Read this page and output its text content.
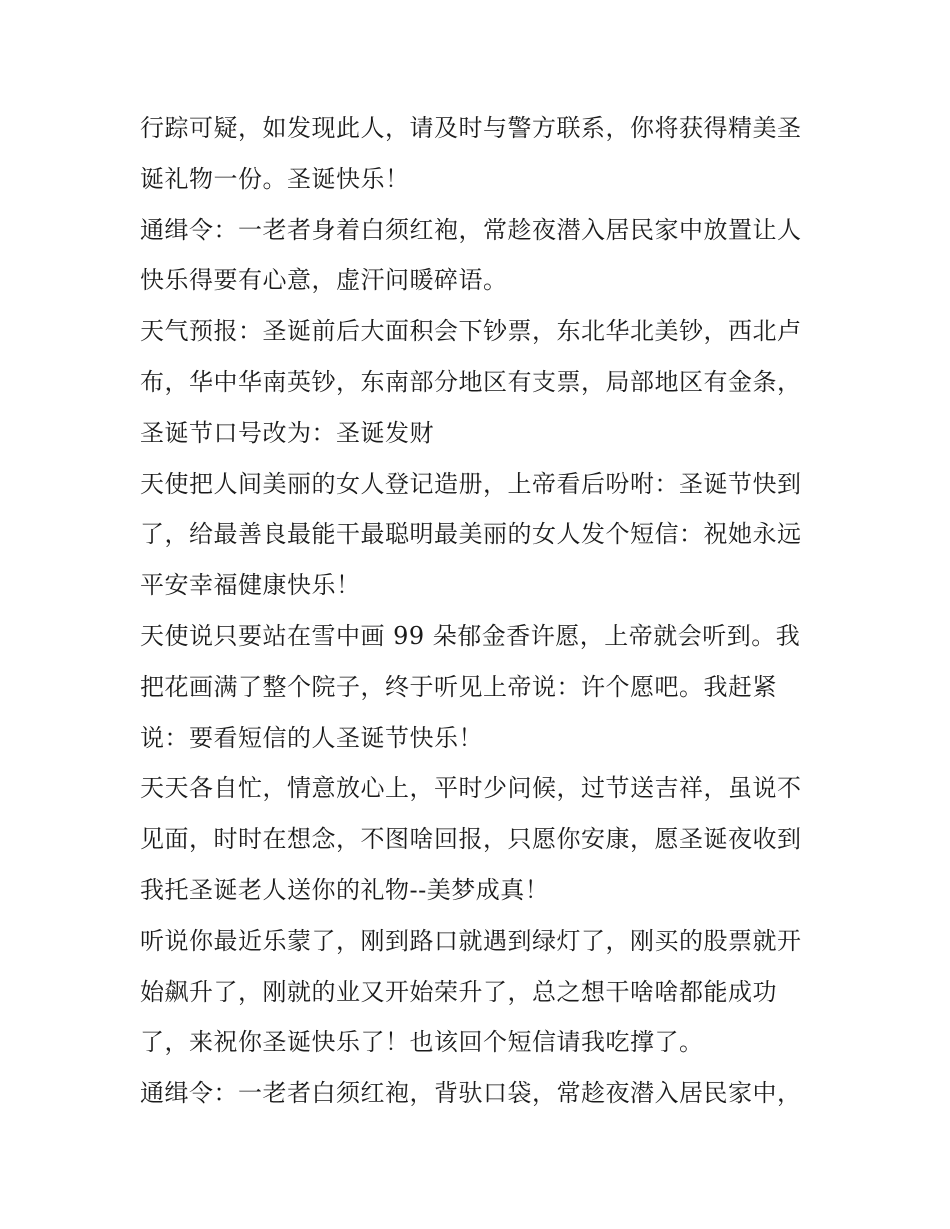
行踪可疑，如发现此人，请及时与警方联系，你将获得精美圣
诞礼物一份。圣诞快乐！
通缉令：一老者身着白须红袍，常趁夜潜入居民家中放置让人
快乐得要有心意，虚汗问暖碎语。
天气预报：圣诞前后大面积会下钞票，东北华北美钞，西北卢
布，华中华南英钞，东南部分地区有支票，局部地区有金条，
圣诞节口号改为：圣诞发财
天使把人间美丽的女人登记造册，上帝看后吩咐：圣诞节快到
了，给最善良最能干最聪明最美丽的女人发个短信：祝她永远
平安幸福健康快乐！
天使说只要站在雪中画 99 朵郁金香许愿，上帝就会听到。我
把花画满了整个院子，终于听见上帝说：许个愿吧。我赶紧
说：要看短信的人圣诞节快乐！
天天各自忙，情意放心上，平时少问候，过节送吉祥，虽说不
见面，时时在想念，不图啥回报，只愿你安康，愿圣诞夜收到
我托圣诞老人送你的礼物--美梦成真！
听说你最近乐蒙了，刚到路口就遇到绿灯了，刚买的股票就开
始飙升了，刚就的业又开始荣升了，总之想干啥啥都能成功
了，来祝你圣诞快乐了！也该回个短信请我吃撑了。
通缉令：一老者白须红袍，背驮口袋，常趁夜潜入居民家中，
